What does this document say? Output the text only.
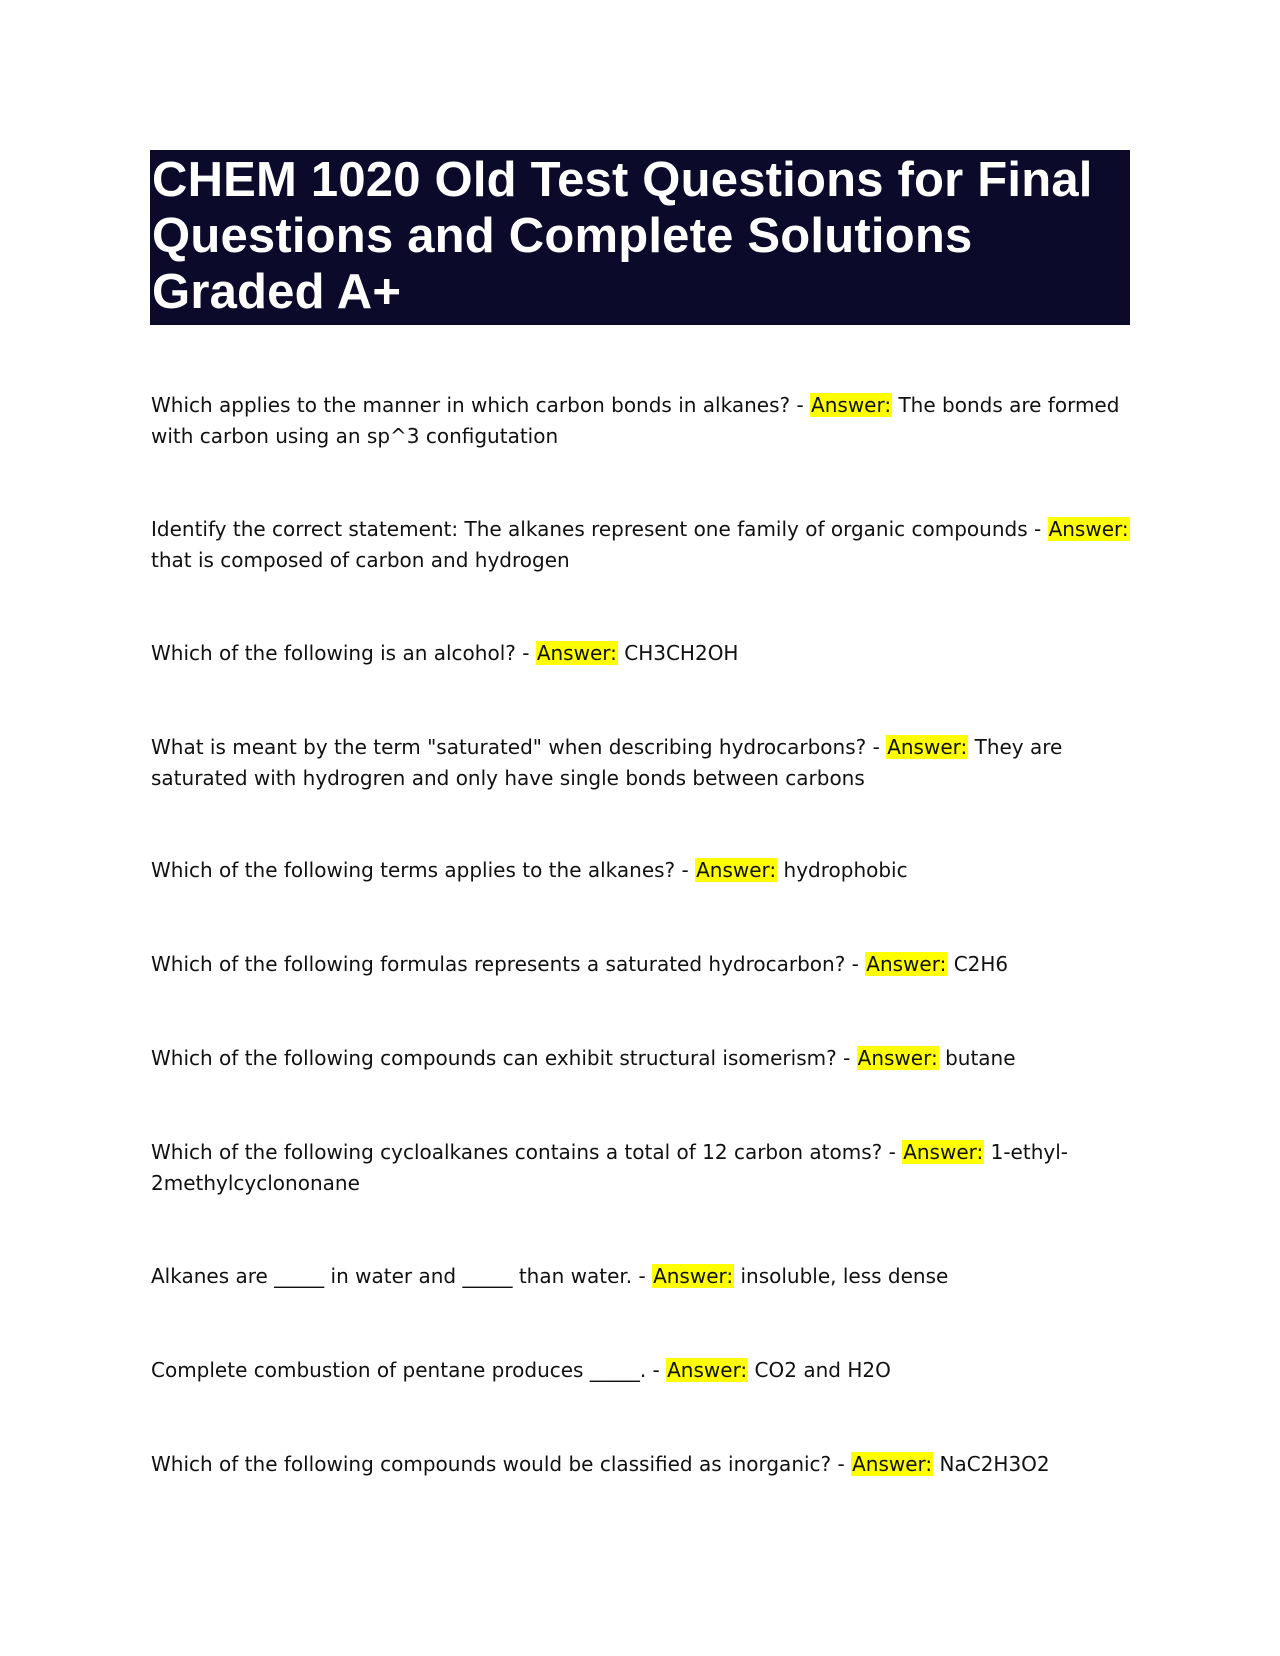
CHEM 1020 Old Test Questions for Final Questions and Complete Solutions Graded A+

Which applies to the manner in which carbon bonds in alkanes? - Answer: The bonds are formed with carbon using an sp^3 configutation

Identify the correct statement: The alkanes represent one family of organic compounds - Answer: that is composed of carbon and hydrogen

Which of the following is an alcohol? - Answer: CH3CH2OH

What is meant by the term "saturated" when describing hydrocarbons? - Answer: They are saturated with hydrogren and only have single bonds between carbons

Which of the following terms applies to the alkanes? - Answer: hydrophobic

Which of the following formulas represents a saturated hydrocarbon? - Answer: C2H6

Which of the following compounds can exhibit structural isomerism? - Answer: butane

Which of the following cycloalkanes contains a total of 12 carbon atoms? - Answer: 1-ethyl-2methylcyclononane

Alkanes are _____ in water and _____ than water. - Answer: insoluble, less dense

Complete combustion of pentane produces _____. - Answer: CO2 and H2O

Which of the following compounds would be classified as inorganic? - Answer: NaC2H3O2
